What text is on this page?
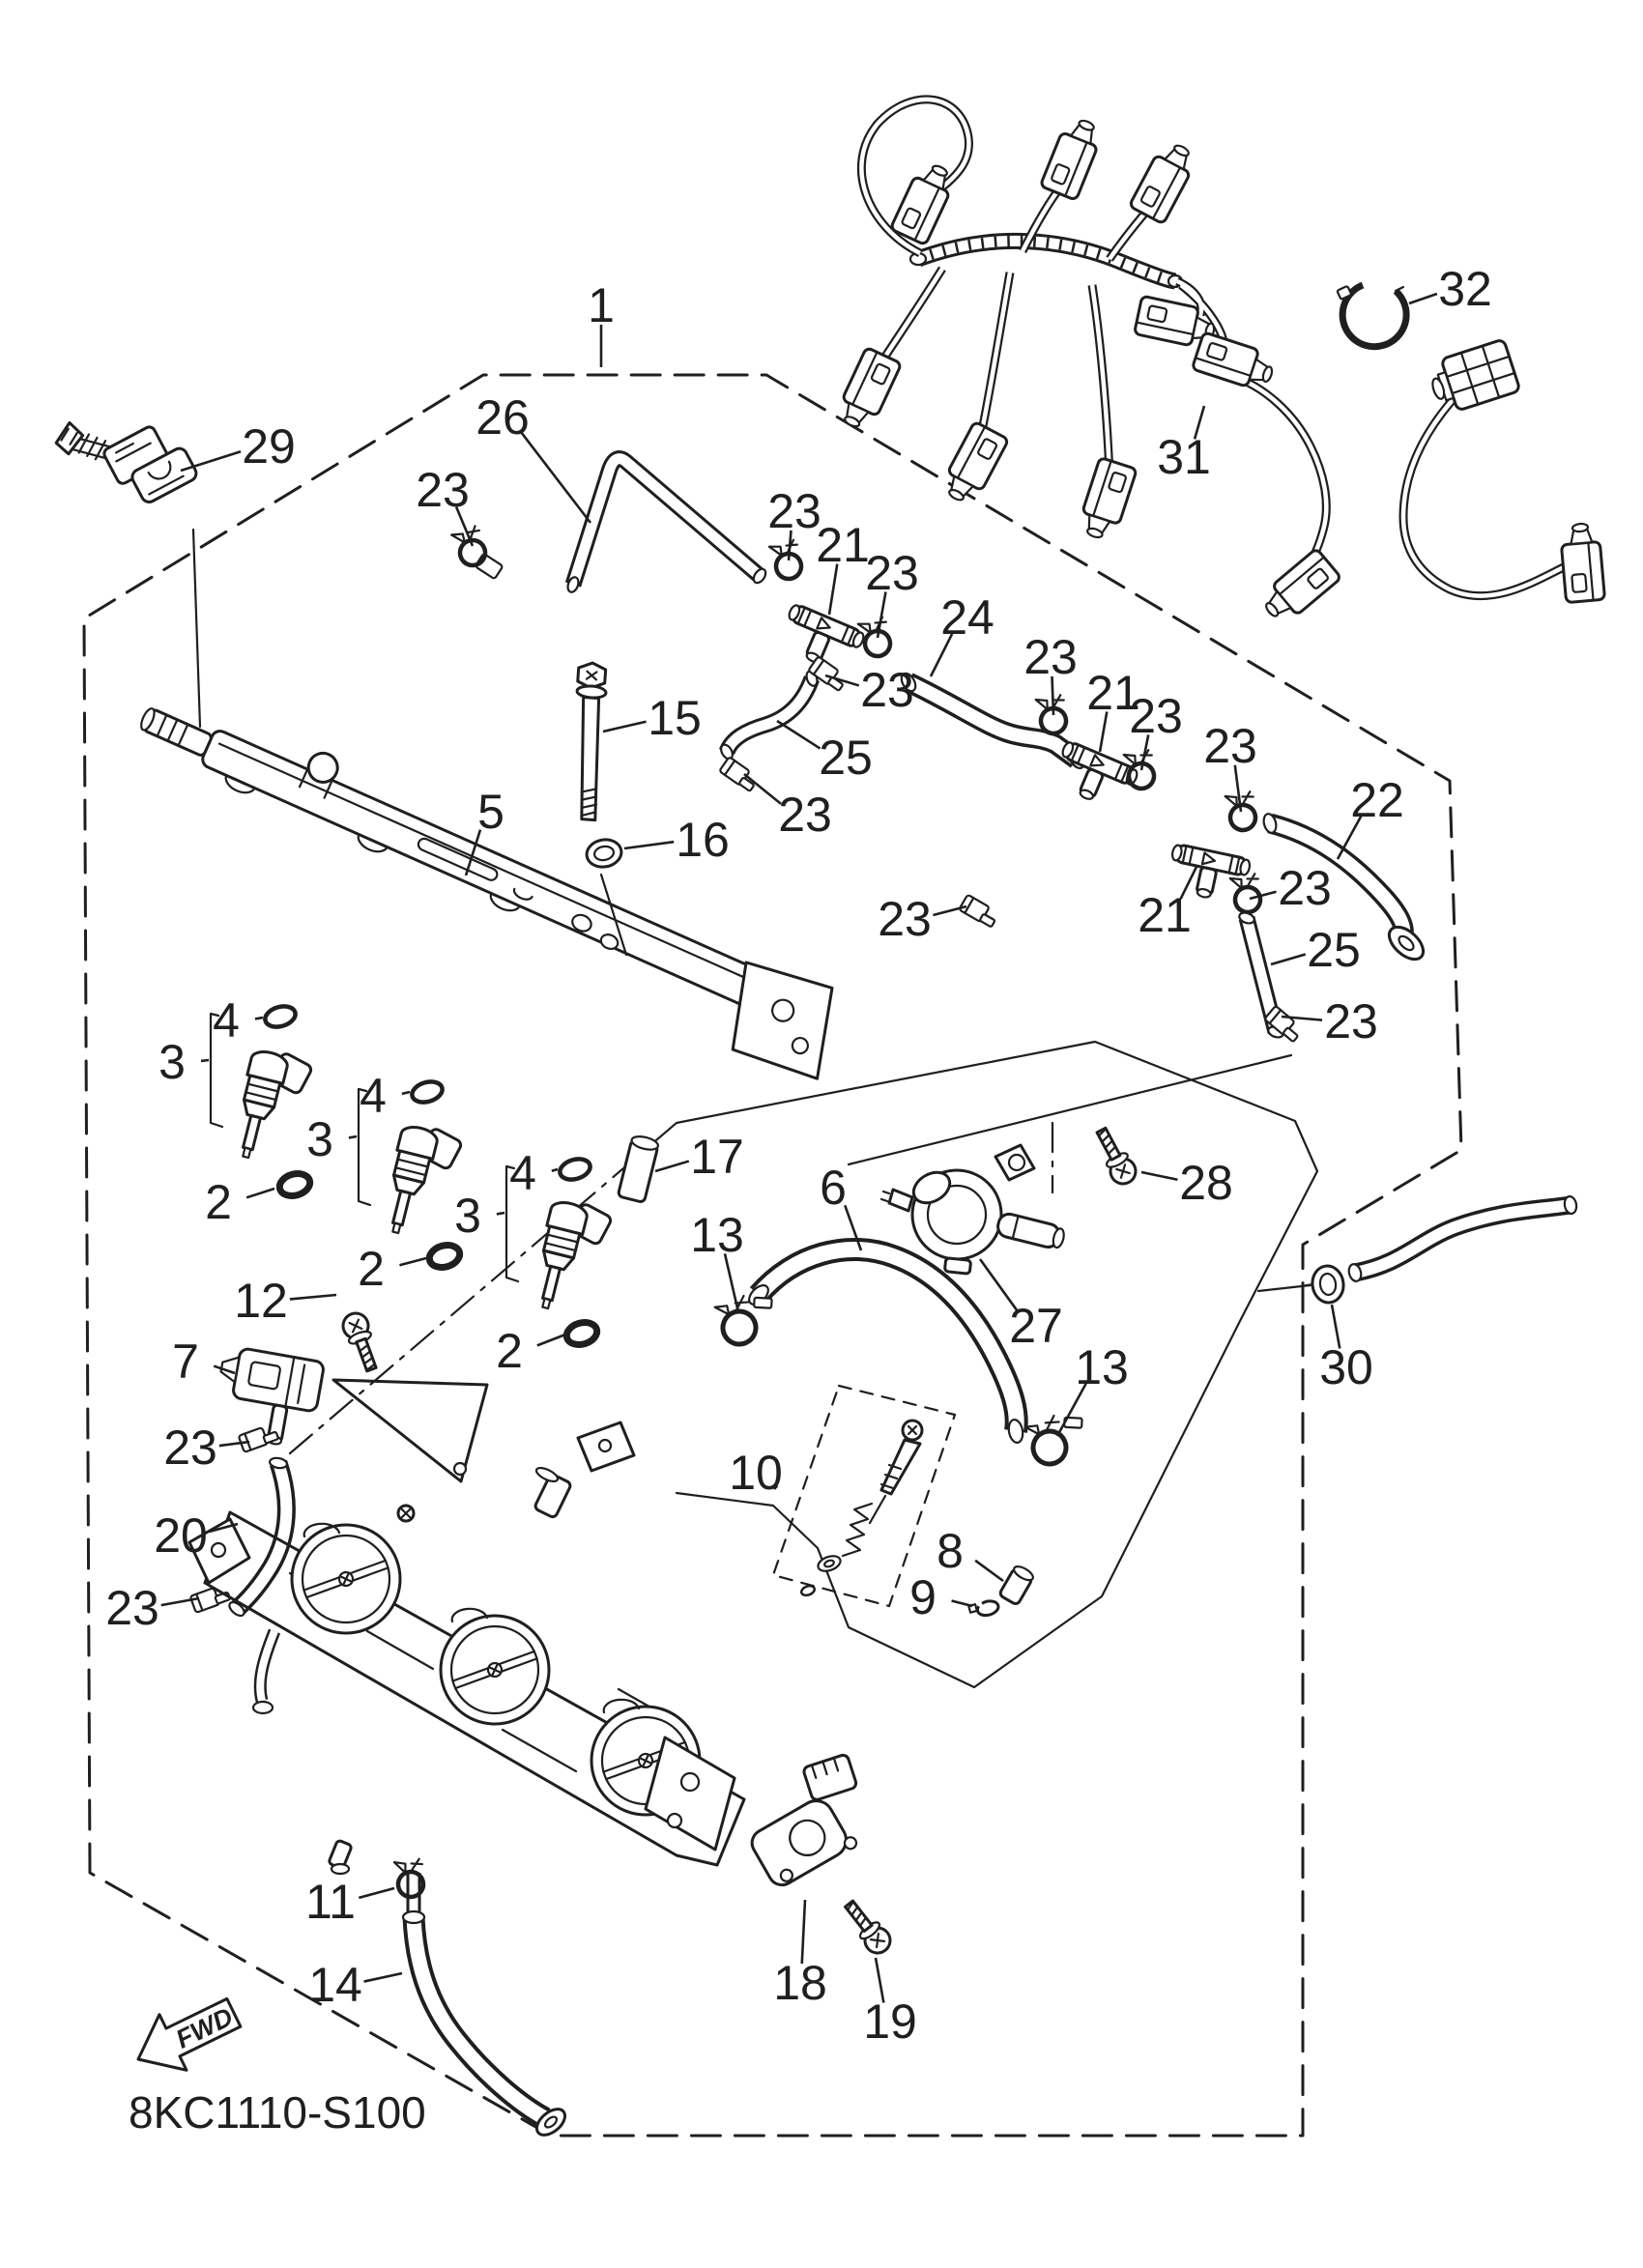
FWD
8KC1110-S100
1
29
26
23
31
32
23
21
23
24
23
21
23
23
22
15
5
16
23
25
23
23	21 23
25
23
28
4
3
4
3
2
4
3
2
12
7	2
17
13
6
27
13	30
23
20
23
10
8
9
11
14	18
19
